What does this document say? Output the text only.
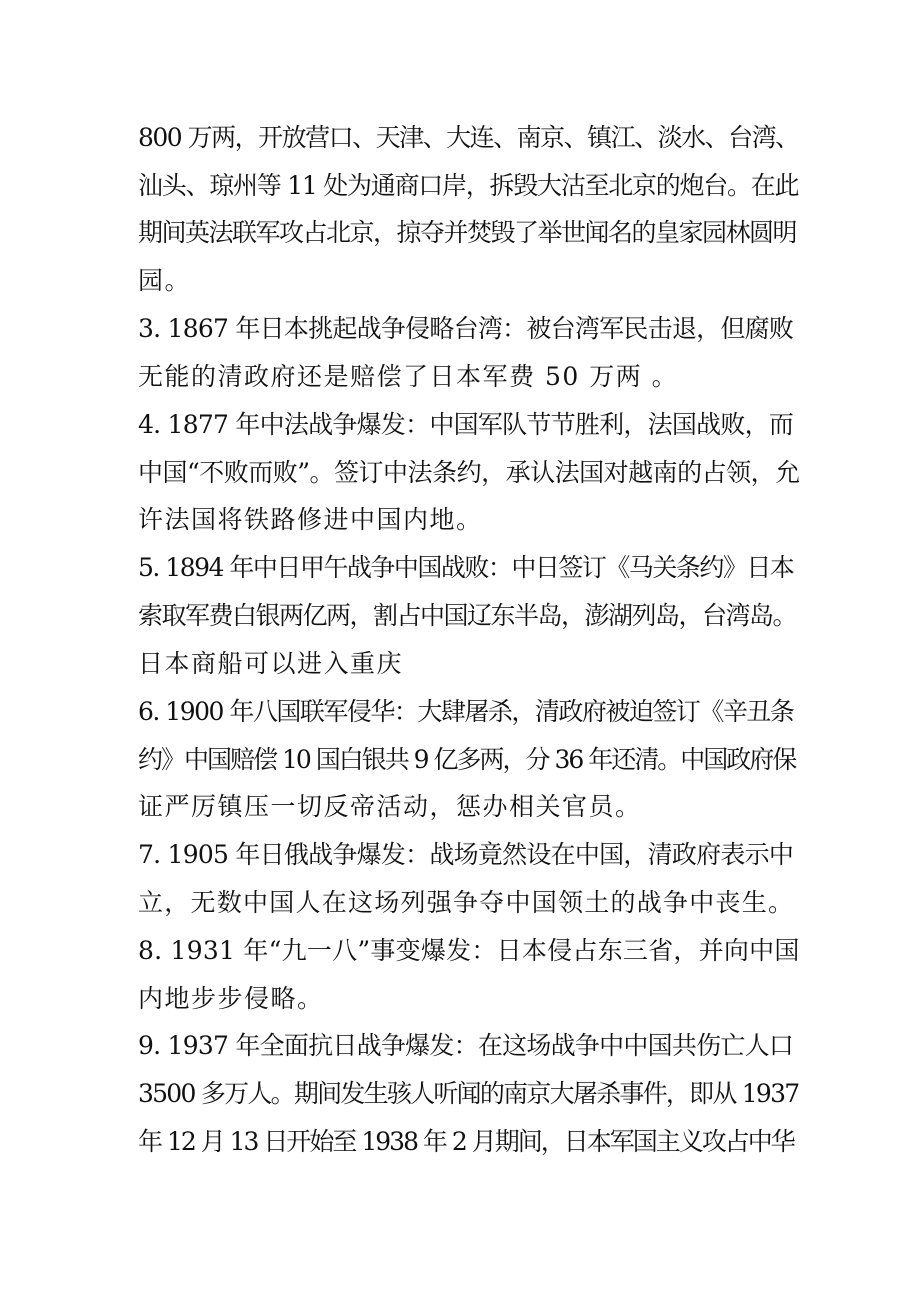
800 万两，开放营口、天津、大连、南京、镇江、淡水、台湾、
汕头、琼州等 11 处为通商口岸，拆毁大沽至北京的炮台。在此
期间英法联军攻占北京，掠夺并焚毁了举世闻名的皇家园林圆明
园。
3. 1867 年日本挑起战争侵略台湾：被台湾军民击退，但腐败
无能的清政府还是赔偿了日本军费 50 万两 。
4. 1877 年中法战争爆发：中国军队节节胜利，法国战败，而
中国“不败而败”。签订中法条约，承认法国对越南的占领，允
许法国将铁路修进中国内地。
5. 1894 年中日甲午战争中国战败：中日签订《马关条约》日本
索取军费白银两亿两，割占中国辽东半岛，澎湖列岛，台湾岛。
日本商船可以进入重庆
6. 1900 年八国联军侵华：大肆屠杀，清政府被迫签订《辛丑条
约》中国赔偿 10 国白银共 9 亿多两，分 36 年还清。中国政府保
证严厉镇压一切反帝活动，惩办相关官员。
7. 1905 年日俄战争爆发：战场竟然设在中国，清政府表示中
立，无数中国人在这场列强争夺中国领土的战争中丧生。
8. 1931 年“九一八”事变爆发：日本侵占东三省，并向中国
内地步步侵略。
9. 1937 年全面抗日战争爆发：在这场战争中中国共伤亡人口
3500 多万人。期间发生骇人听闻的南京大屠杀事件，即从 1937
年 12 月 13 日开始至 1938 年 2 月期间，日本军国主义攻占中华
